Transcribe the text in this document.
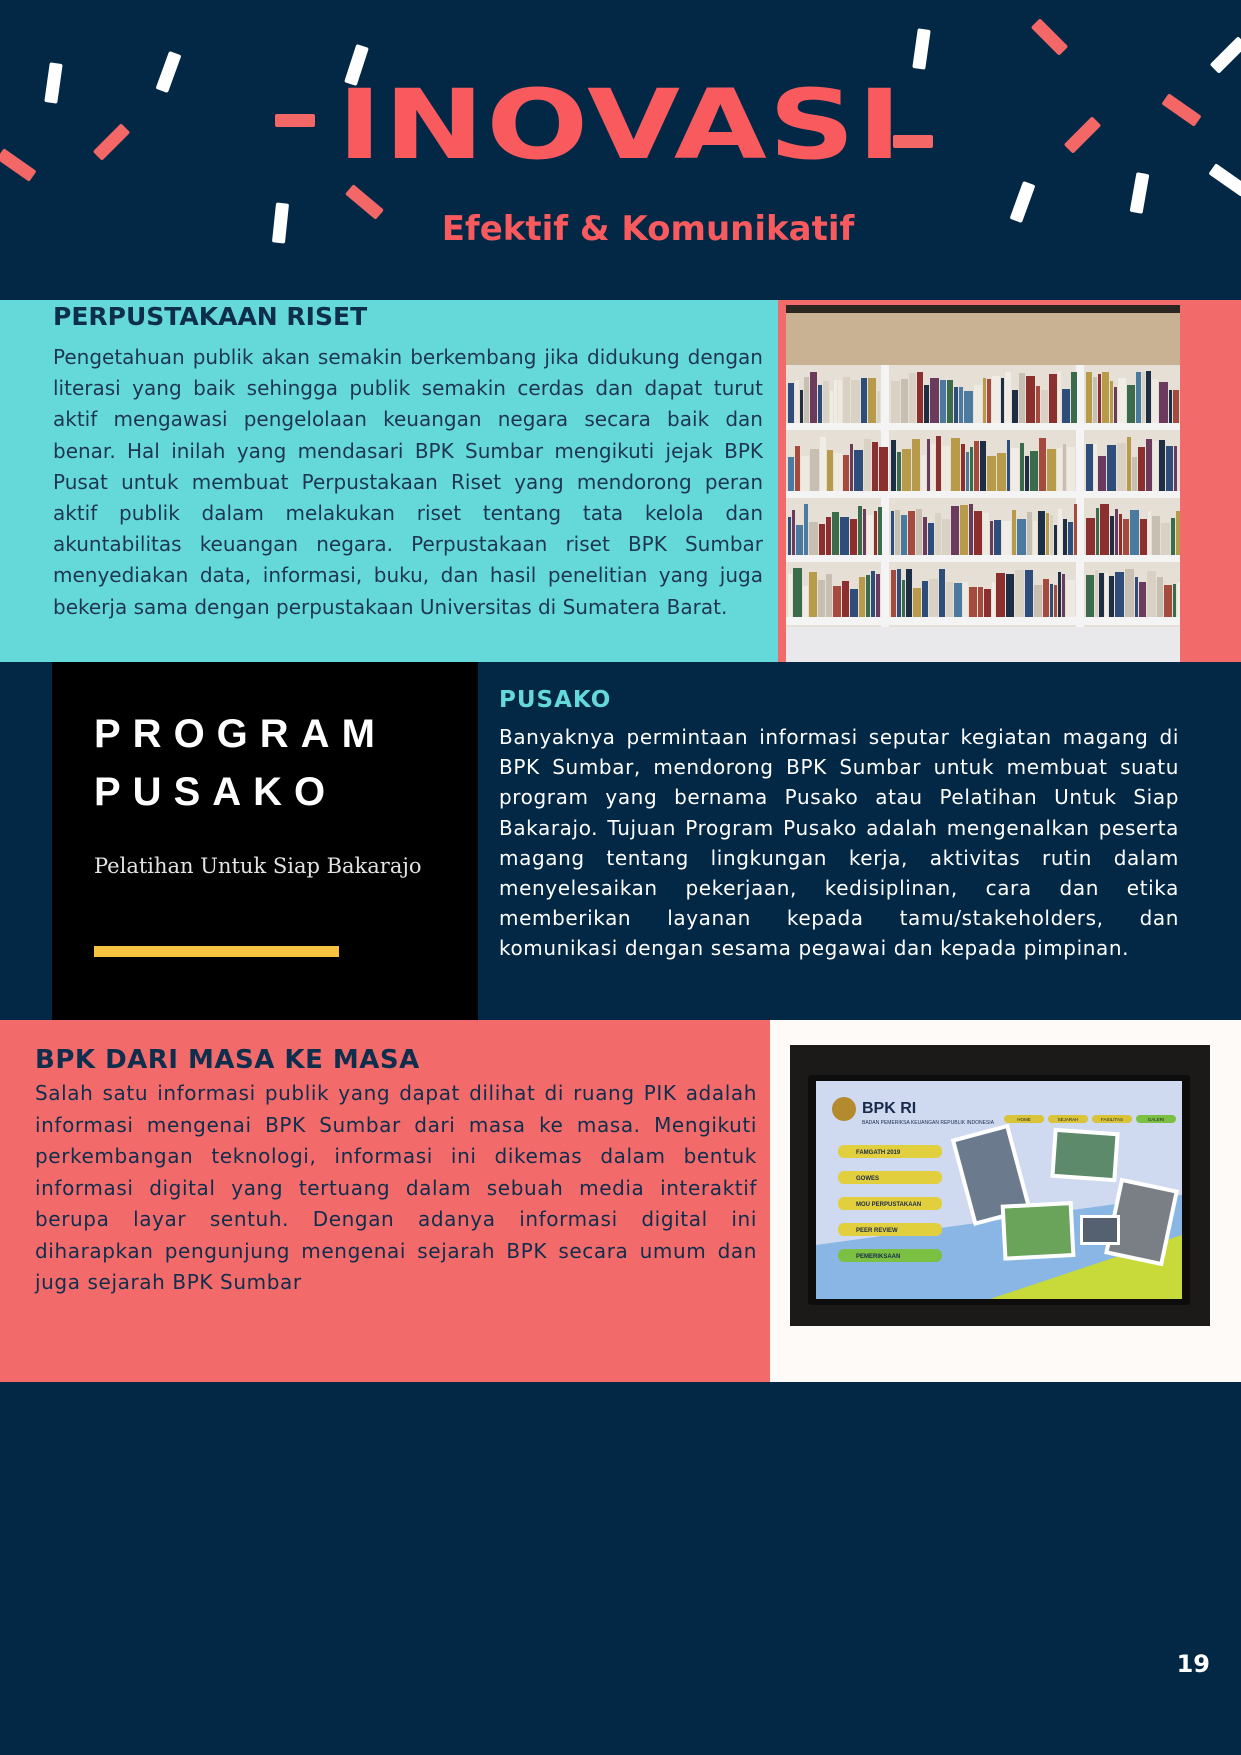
INOVASI
Efektif & Komunikatif
PERPUSTAKAAN RISET
Pengetahuan publik akan semakin berkembang jika didukung dengan literasi yang baik sehingga publik semakin cerdas dan dapat turut aktif mengawasi pengelolaan keuangan negara secara baik dan benar. Hal inilah yang mendasari BPK Sumbar mengikuti jejak BPK Pusat untuk membuat Perpustakaan Riset yang mendorong peran aktif publik dalam melakukan riset tentang tata kelola dan akuntabilitas keuangan negara. Perpustakaan riset BPK Sumbar menyediakan data, informasi, buku, dan hasil penelitian yang juga bekerja sama dengan perpustakaan Universitas di Sumatera Barat.
PROGRAM
PUSAKO
Pelatihan Untuk Siap Bakarajo
PUSAKO
Banyaknya permintaan informasi seputar kegiatan magang di BPK Sumbar, mendorong BPK Sumbar untuk membuat suatu program yang bernama Pusako atau Pelatihan Untuk Siap Bakarajo. Tujuan Program Pusako adalah mengenalkan peserta magang tentang lingkungan kerja, aktivitas rutin dalam menyelesaikan pekerjaan, kedisiplinan, cara dan etika memberikan layanan kepada tamu/stakeholders, dan komunikasi dengan sesama pegawai dan kepada pimpinan.
BPK DARI MASA KE MASA
Salah satu informasi publik yang dapat dilihat di ruang PIK adalah informasi mengenai BPK Sumbar dari masa ke masa. Mengikuti perkembangan teknologi, informasi ini dikemas dalam bentuk informasi digital yang tertuang dalam sebuah media interaktif berupa layar sentuh. Dengan adanya informasi digital ini diharapkan pengunjung mengenai sejarah BPK secara umum dan juga sejarah BPK Sumbar
BPK RI
BADAN PEMERIKSA KEUANGAN REPUBLIK INDONESIA
HOME	SEJARAH	FASILITAS	GALERI
FAMGATH 2019
GOWES
MOU PERPUSTAKAAN
PEER REVIEW
PEMERIKSAAN
19
